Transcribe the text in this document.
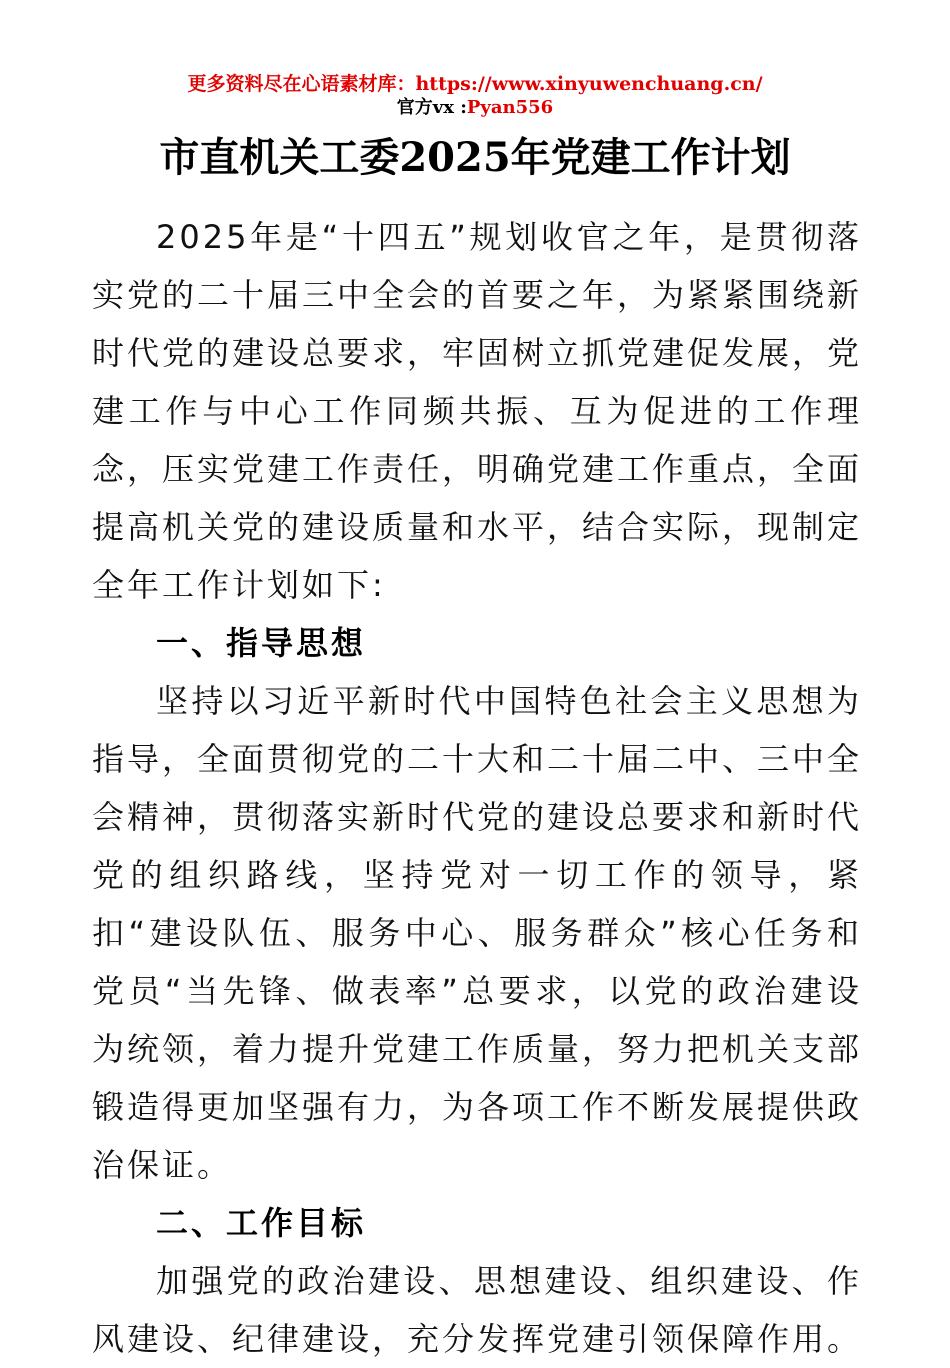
更多资料尽在心语素材库：https://www.xinyuwenchuang.cn/
官方vx :Pyan556
市直机关工委2025年党建工作计划

2025年是“十四五”规划收官之年，是贯彻落实党的二十届三中全会的首要之年，为紧紧围绕新时代党的建设总要求，牢固树立抓党建促发展，党建工作与中心工作同频共振、互为促进的工作理念，压实党建工作责任，明确党建工作重点，全面提高机关党的建设质量和水平，结合实际，现制定全年工作计划如下:

一、指导思想

坚持以习近平新时代中国特色社会主义思想为指导，全面贯彻党的二十大和二十届二中、三中全会精神，贯彻落实新时代党的建设总要求和新时代党的组织路线，坚持党对一切工作的领导，紧扣“建设队伍、服务中心、服务群众”核心任务和党员“当先锋、做表率”总要求，以党的政治建设为统领，着力提升党建工作质量，努力把机关支部锻造得更加坚强有力，为各项工作不断发展提供政治保证。

二、工作目标

加强党的政治建设、思想建设、组织建设、作风建设、纪律建设，充分发挥党建引领保障作用。
